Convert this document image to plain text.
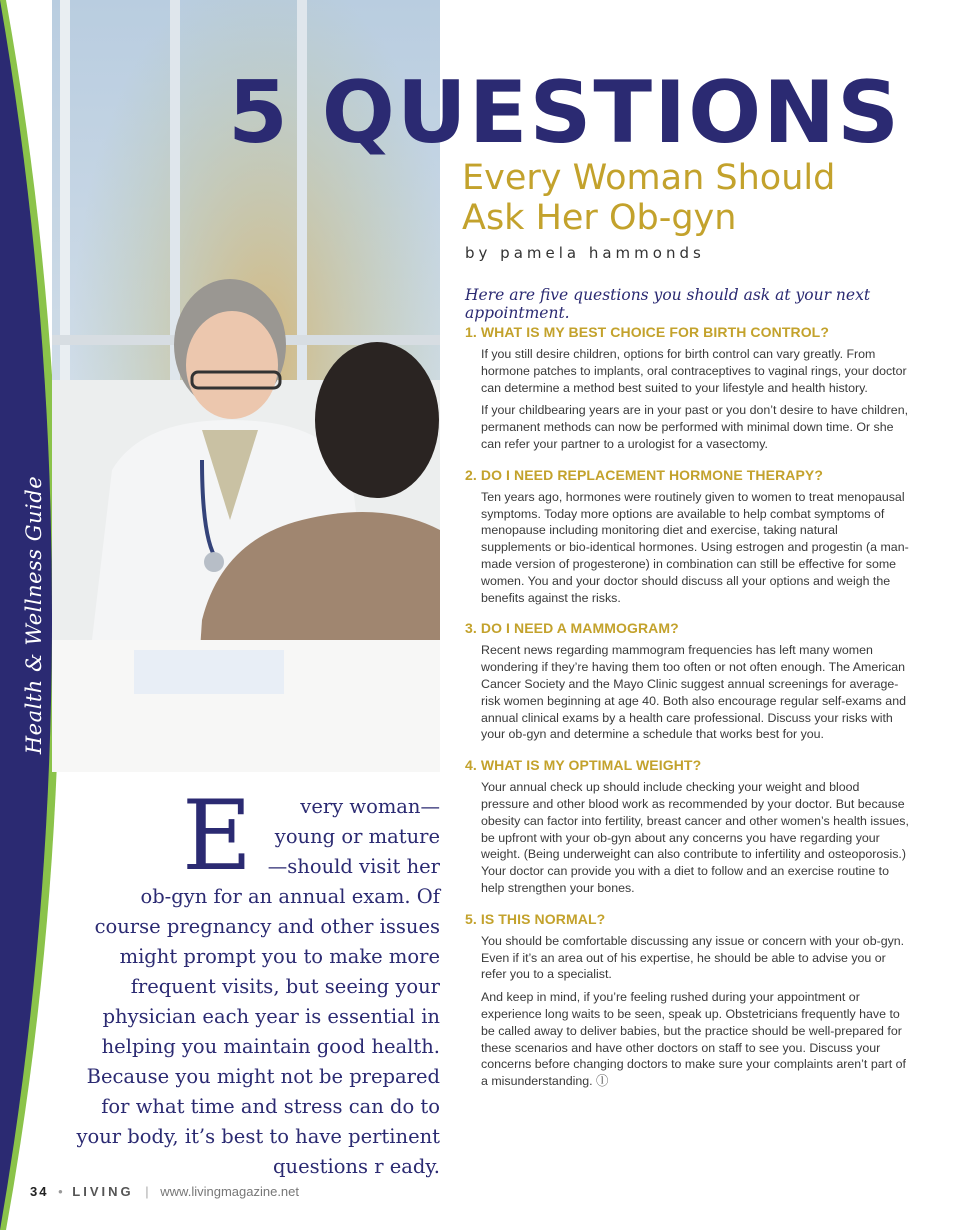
Health & Wellness Guide
5 QUESTIONS
Every Woman Should Ask Her Ob-gyn
by pamela hammonds
Here are five questions you should ask at your next appointment.
1. WHAT IS MY BEST CHOICE FOR BIRTH CONTROL?

If you still desire children, options for birth control can vary greatly. From hormone patches to implants, oral contraceptives to vaginal rings, your doctor can determine a method best suited to your lifestyle and health history.

If your childbearing years are in your past or you don’t desire to have children, permanent methods can now be performed with minimal down time. Or she can refer your partner to a urologist for a vasectomy.

2. DO I NEED REPLACEMENT HORMONE THERAPY?

Ten years ago, hormones were routinely given to women to treat menopausal symptoms. Today more options are available to help combat symptoms of menopause including monitoring diet and exercise, taking natural supplements or bio-identical hormones. Using estrogen and progestin (a man-made version of progesterone) in combination can still be effective for some women. You and your doctor should discuss all your options and weigh the benefits against the risks.

3. DO I NEED A MAMMOGRAM?

Recent news regarding mammogram frequencies has left many women wondering if they’re having them too often or not often enough. The American Cancer Society and the Mayo Clinic suggest annual screenings for average-risk women beginning at age 40. Both also encourage regular self-exams and annual clinical exams by a health care professional. Discuss your risks with your ob-gyn and determine a schedule that works best for you.

4. WHAT IS MY OPTIMAL WEIGHT?

Your annual check up should include checking your weight and blood pressure and other blood work as recommended by your doctor. But because obesity can factor into fertility, breast cancer and other women’s health issues, be upfront with your ob-gyn about any concerns you have regarding your weight. (Being underweight can also contribute to infertility and osteoporosis.) Your doctor can provide you with a diet to follow and an exercise routine to help strengthen your bones.

5. IS THIS NORMAL?

You should be comfortable discussing any issue or concern with your ob-gyn. Even if it’s an area out of his expertise, he should be able to advise you or refer you to a specialist.

And keep in mind, if you’re feeling rushed during your appointment or experience long waits to be seen, speak up. Obstetricians frequently have to be called away to deliver babies, but the practice should be well-prepared for these scenarios and have other doctors on staff to see you. Discuss your concerns before changing doctors to make sure your complaints aren’t part of a misunderstanding. ⓛ

E very woman—young or mature—should visit her ob-gyn for an annual exam. Of course pregnancy and other issues might prompt you to make more frequent visits, but seeing your physician each year is essential in helping you maintain good health. Because you might not be prepared for what time and stress can do to your body, it’s best to have pertinent questions r eady.
34 • LIVING | www.livingmagazine.net
